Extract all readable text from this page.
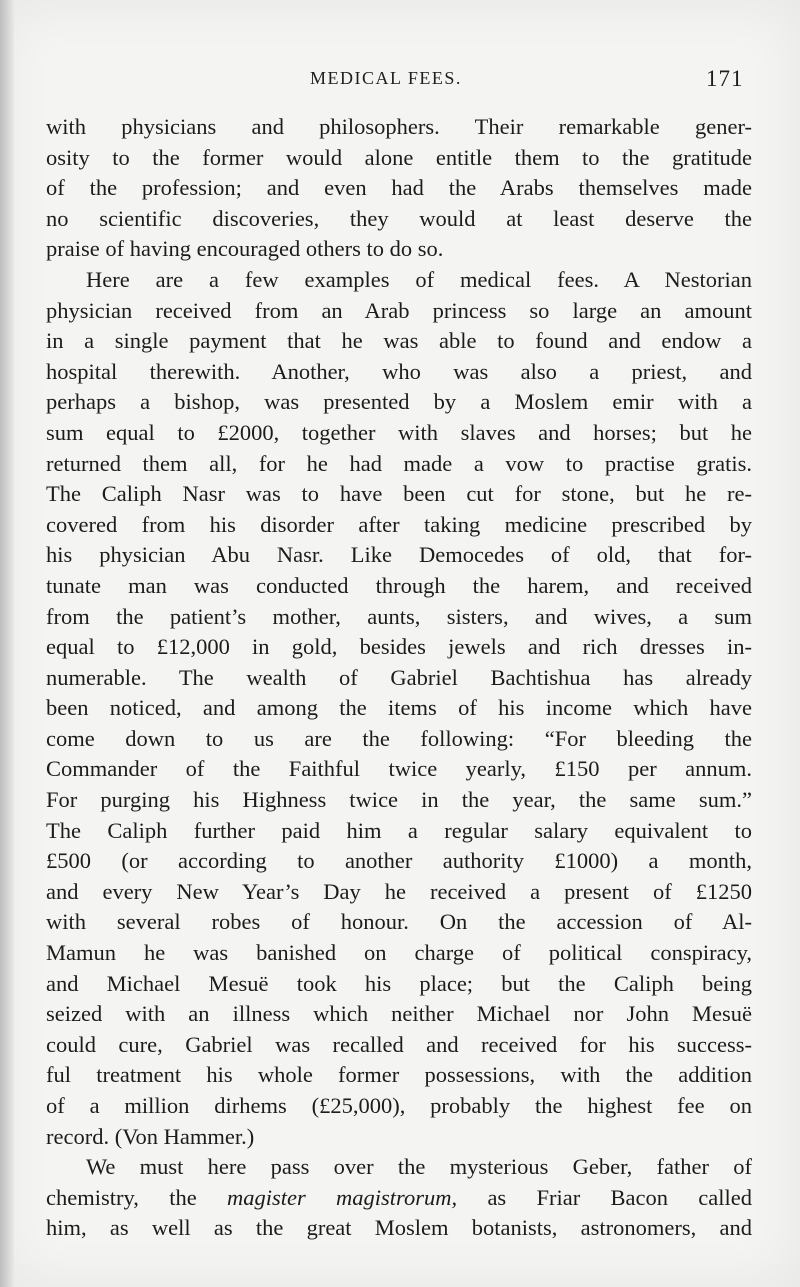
MEDICAL FEES.	171
with physicians and philosophers. Their remarkable gener-
osity to the former would alone entitle them to the gratitude
of the profession; and even had the Arabs themselves made
no scientific discoveries, they would at least deserve the
praise of having encouraged others to do so.
Here are a few examples of medical fees. A Nestorian
physician received from an Arab princess so large an amount
in a single payment that he was able to found and endow a
hospital therewith. Another, who was also a priest, and
perhaps a bishop, was presented by a Moslem emir with a
sum equal to £2000, together with slaves and horses; but he
returned them all, for he had made a vow to practise gratis.
The Caliph Nasr was to have been cut for stone, but he re-
covered from his disorder after taking medicine prescribed by
his physician Abu Nasr. Like Democedes of old, that for-
tunate man was conducted through the harem, and received
from the patient’s mother, aunts, sisters, and wives, a sum
equal to £12,000 in gold, besides jewels and rich dresses in-
numerable. The wealth of Gabriel Bachtishua has already
been noticed, and among the items of his income which have
come down to us are the following: “For bleeding the
Commander of the Faithful twice yearly, £150 per annum.
For purging his Highness twice in the year, the same sum.”
The Caliph further paid him a regular salary equivalent to
£500 (or according to another authority £1000) a month,
and every New Year’s Day he received a present of £1250
with several robes of honour. On the accession of Al-
Mamun he was banished on charge of political conspiracy,
and Michael Mesuë took his place; but the Caliph being
seized with an illness which neither Michael nor John Mesuë
could cure, Gabriel was recalled and received for his success-
ful treatment his whole former possessions, with the addition
of a million dirhems (£25,000), probably the highest fee on
record. (Von Hammer.)
We must here pass over the mysterious Geber, father of
chemistry, the magister magistrorum, as Friar Bacon called
him, as well as the great Moslem botanists, astronomers, and
